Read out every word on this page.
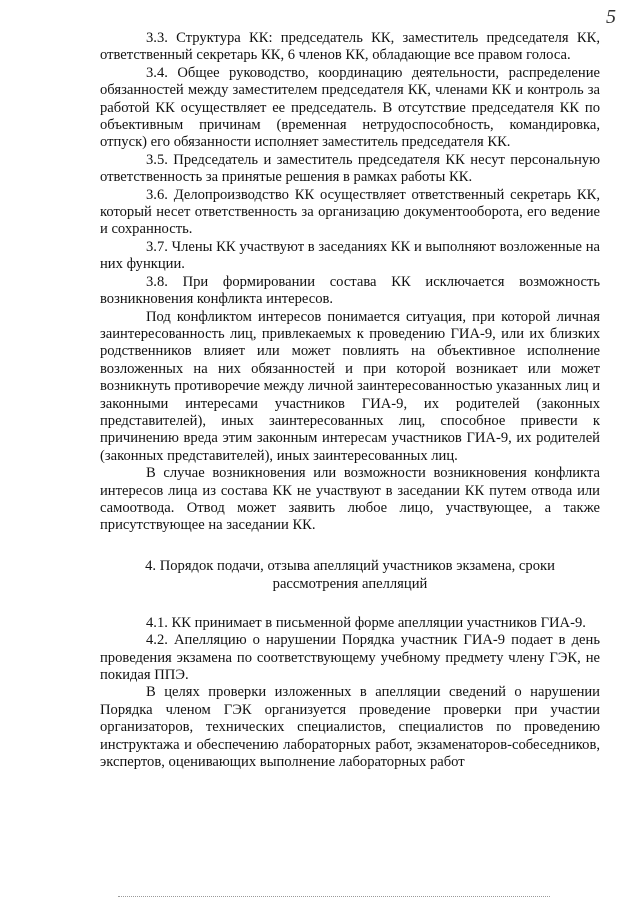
5

3.3. Структура КК: председатель КК, заместитель председателя КК, ответственный секретарь КК, 6 членов КК, обладающие все правом голоса.

3.4. Общее руководство, координацию деятельности, распределение обязанностей между заместителем председателя КК, членами КК и контроль за работой КК осуществляет ее председатель. В отсутствие председателя КК по объективным причинам (временная нетрудоспособность, командировка, отпуск) его обязанности исполняет заместитель председателя КК.

3.5. Председатель и заместитель председателя КК несут персональную ответственность за принятые решения в рамках работы КК.

3.6. Делопроизводство КК осуществляет ответственный секретарь КК, который несет ответственность за организацию документооборота, его ведение и сохранность.

3.7. Члены КК участвуют в заседаниях КК и выполняют возложенные на них функции.

3.8. При формировании состава КК исключается возможность возникновения конфликта интересов.

Под конфликтом интересов понимается ситуация, при которой личная заинтересованность лиц, привлекаемых к проведению ГИА-9, или их близких родственников влияет или может повлиять на объективное исполнение возложенных на них обязанностей и при которой возникает или может возникнуть противоречие между личной заинтересованностью указанных лиц и законными интересами участников ГИА-9, их родителей (законных представителей), иных заинтересованных лиц, способное привести к причинению вреда этим законным интересам участников ГИА-9, их родителей (законных представителей), иных заинтересованных лиц.

В случае возникновения или возможности возникновения конфликта интересов лица из состава КК не участвуют в заседании КК путем отвода или самоотвода. Отвод может заявить любое лицо, участвующее, а также присутствующее на заседании КК.

4. Порядок подачи, отзыва апелляций участников экзамена, сроки рассмотрения апелляций

4.1. КК принимает в письменной форме апелляции участников ГИА-9.

4.2. Апелляцию о нарушении Порядка участник ГИА-9 подает в день проведения экзамена по соответствующему учебному предмету члену ГЭК, не покидая ППЭ.

В целях проверки изложенных в апелляции сведений о нарушении Порядка членом ГЭК организуется проведение проверки при участии организаторов, технических специалистов, специалистов по проведению инструктажа и обеспечению лабораторных работ, экзаменаторов-собеседников, экспертов, оценивающих выполнение лабораторных работ
